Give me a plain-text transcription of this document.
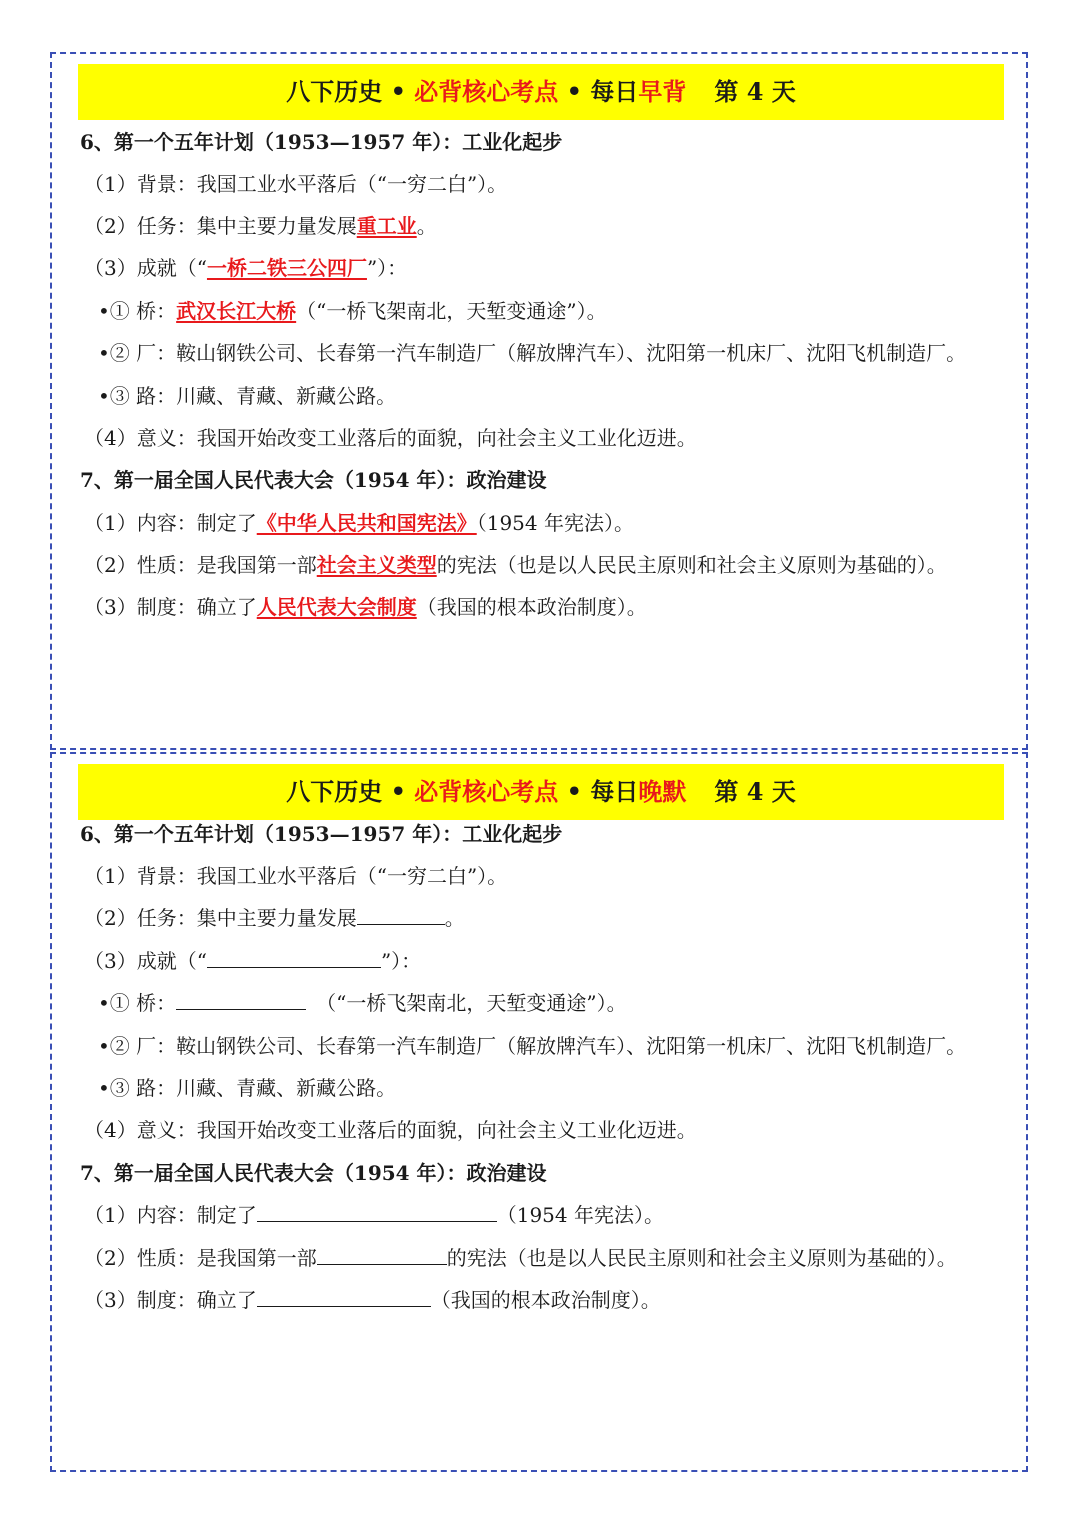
八下历史 • 必背核心考点 • 每日早背 第 4 天
6、第一个五年计划（1953—1957 年）：工业化起步
（1）背景：我国工业水平落后（“一穷二白”）。
（2）任务：集中主要力量发展重工业。
（3）成就（“一桥二铁三公四厂”）：
•① 桥：武汉长江大桥（“一桥飞架南北，天堑变通途”）。
•② 厂：鞍山钢铁公司、长春第一汽车制造厂（解放牌汽车）、沈阳第一机床厂、沈阳飞机制造厂。
•③ 路：川藏、青藏、新藏公路。
（4）意义：我国开始改变工业落后的面貌，向社会主义工业化迈进。
7、第一届全国人民代表大会（1954 年）：政治建设
（1）内容：制定了《中华人民共和国宪法》（1954 年宪法）。
（2）性质：是我国第一部社会主义类型的宪法（也是以人民民主原则和社会主义原则为基础的）。
（3）制度：确立了人民代表大会制度（我国的根本政治制度）。
八下历史 • 必背核心考点 • 每日晚默 第 4 天
6、第一个五年计划（1953—1957 年）：工业化起步
（1）背景：我国工业水平落后（“一穷二白”）。
（2）任务：集中主要力量发展	。
（3）成就（“	”）：
•① 桥：	（“一桥飞架南北，天堑变通途”）。
•② 厂：鞍山钢铁公司、长春第一汽车制造厂（解放牌汽车）、沈阳第一机床厂、沈阳飞机制造厂。
•③ 路：川藏、青藏、新藏公路。
（4）意义：我国开始改变工业落后的面貌，向社会主义工业化迈进。
7、第一届全国人民代表大会（1954 年）：政治建设
（1）内容：制定了	（1954 年宪法）。
（2）性质：是我国第一部	的宪法（也是以人民民主原则和社会主义原则为基础的）。
（3）制度：确立了	（我国的根本政治制度）。
